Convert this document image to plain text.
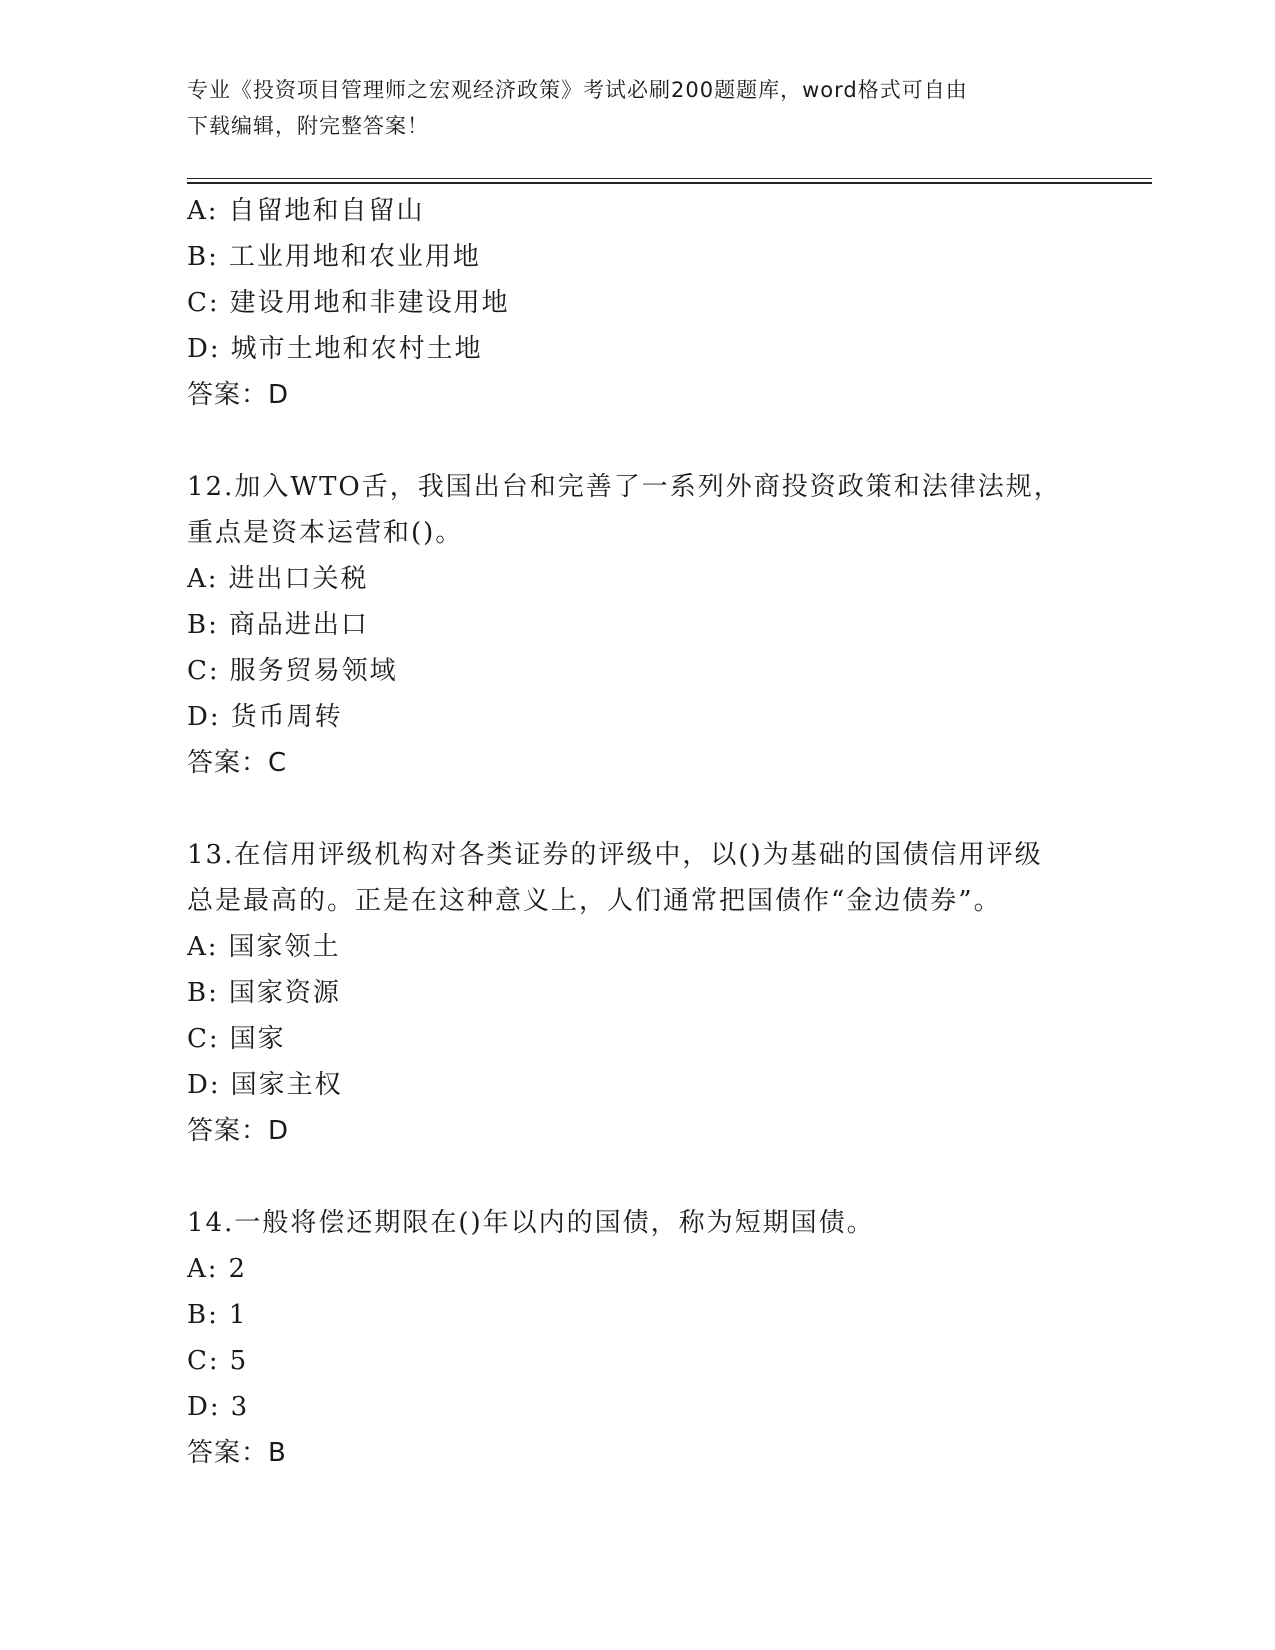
专业《投资项目管理师之宏观经济政策》考试必刷200题题库，word格式可自由
下载编辑，附完整答案！
A: 自留地和自留山
B: 工业用地和农业用地
C: 建设用地和非建设用地
D: 城市土地和农村土地
答案：D
12.加入WTO舌，我国出台和完善了一系列外商投资政策和法律法规，
重点是资本运营和()。
A: 进出口关税
B: 商品进出口
C: 服务贸易领域
D: 货币周转
答案：C
13.在信用评级机构对各类证券的评级中，以()为基础的国债信用评级
总是最高的。正是在这种意义上，人们通常把国债作“金边债券”。
A: 国家领土
B: 国家资源
C: 国家
D: 国家主权
答案：D
14.一般将偿还期限在()年以内的国债，称为短期国债。
A: 2
B: 1
C: 5
D: 3
答案：B
